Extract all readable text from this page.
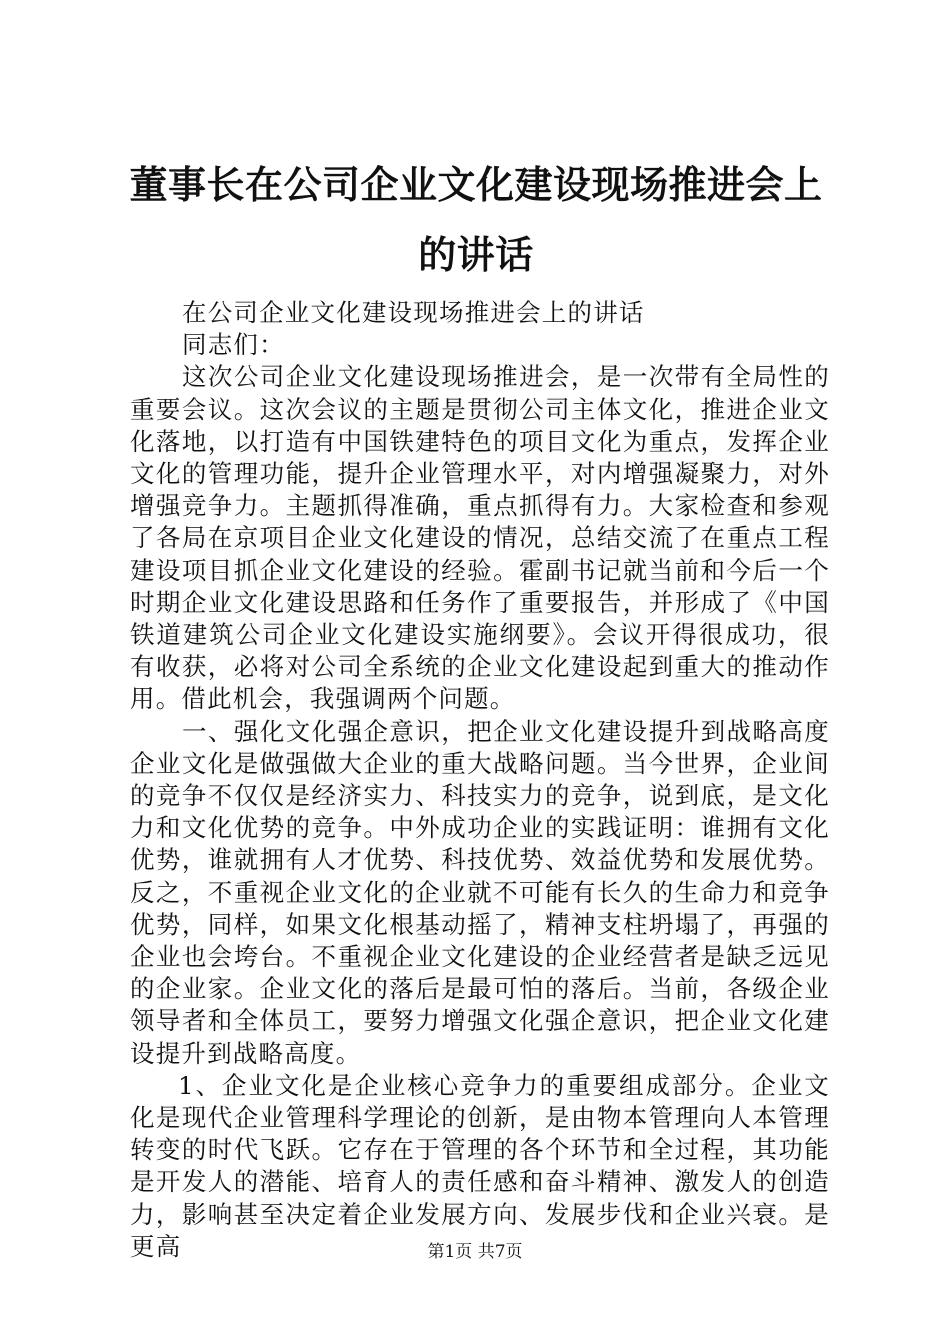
董事长在公司企业文化建设现场推进会上的讲话

在公司企业文化建设现场推进会上的讲话

同志们：

这次公司企业文化建设现场推进会，是一次带有全局性的重要会议。这次会议的主题是贯彻公司主体文化，推进企业文化落地，以打造有中国铁建特色的项目文化为重点，发挥企业文化的管理功能，提升企业管理水平，对内增强凝聚力，对外增强竞争力。主题抓得准确，重点抓得有力。大家检查和参观了各局在京项目企业文化建设的情况，总结交流了在重点工程建设项目抓企业文化建设的经验。霍副书记就当前和今后一个时期企业文化建设思路和任务作了重要报告，并形成了《中国铁道建筑公司企业文化建设实施纲要》。会议开得很成功，很有收获，必将对公司全系统的企业文化建设起到重大的推动作用。借此机会，我强调两个问题。

一、强化文化强企意识，把企业文化建设提升到战略高度企业文化是做强做大企业的重大战略问题。当今世界，企业间的竞争不仅仅是经济实力、科技实力的竞争，说到底，是文化力和文化优势的竞争。中外成功企业的实践证明：谁拥有文化优势，谁就拥有人才优势、科技优势、效益优势和发展优势。反之，不重视企业文化的企业就不可能有长久的生命力和竞争优势，同样，如果文化根基动摇了，精神支柱坍塌了，再强的企业也会垮台。不重视企业文化建设的企业经营者是缺乏远见的企业家。企业文化的落后是最可怕的落后。当前，各级企业领导者和全体员工，要努力增强文化强企意识，把企业文化建设提升到战略高度。

1、企业文化是企业核心竞争力的重要组成部分。企业文化是现代企业管理科学理论的创新，是由物本管理向人本管理转变的时代飞跃。它存在于管理的各个环节和全过程，其功能是开发人的潜能、培育人的责任感和奋斗精神、激发人的创造力，影响甚至决定着企业发展方向、发展步伐和企业兴衰。是更高	第1页 共7页
